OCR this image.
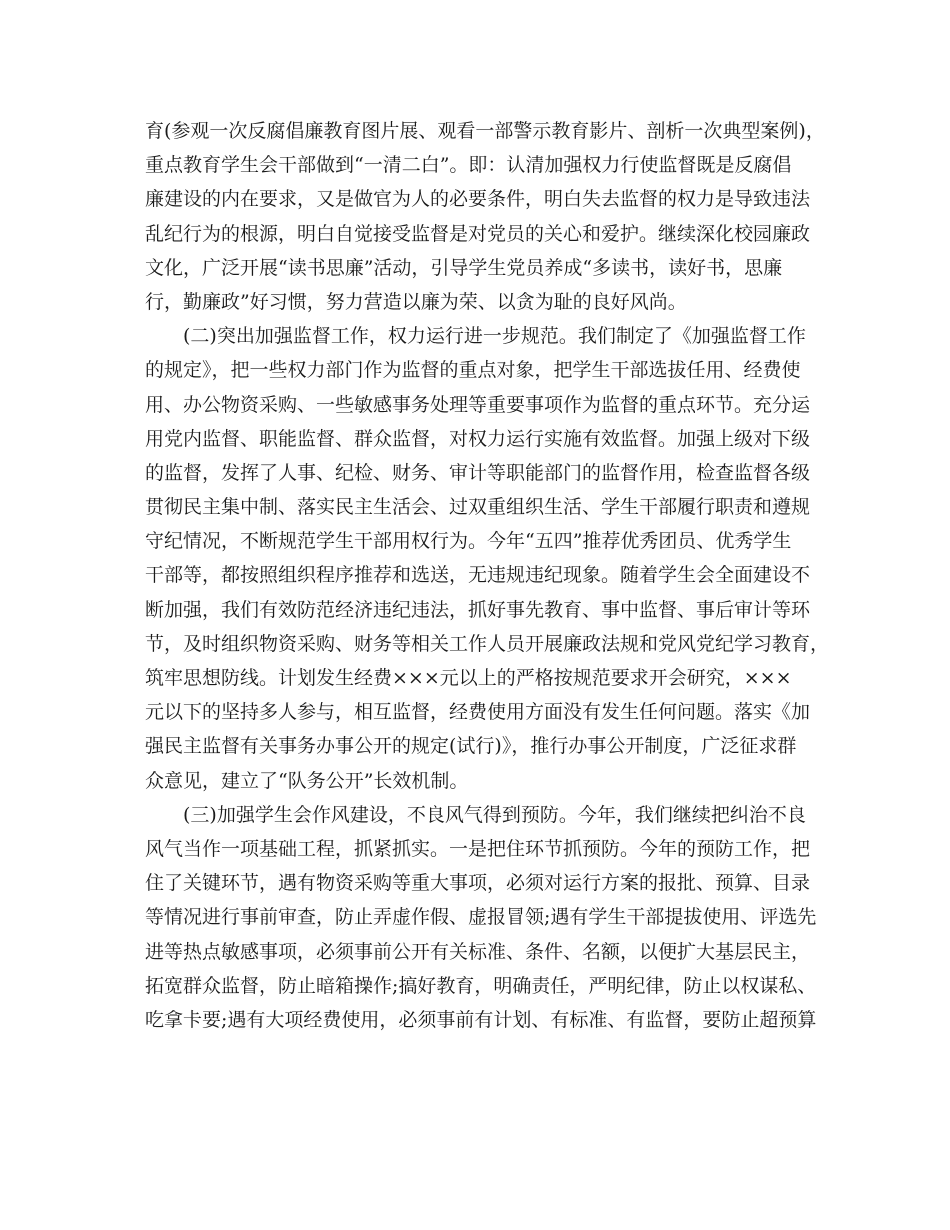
育(参观一次反腐倡廉教育图片展、观看一部警示教育影片、剖析一次典型案例)，
重点教育学生会干部做到“一清二白”。即：认清加强权力行使监督既是反腐倡
廉建设的内在要求，又是做官为人的必要条件，明白失去监督的权力是导致违法
乱纪行为的根源，明白自觉接受监督是对党员的关心和爱护。继续深化校园廉政
文化，广泛开展“读书思廉”活动，引导学生党员养成“多读书，读好书，思廉
行，勤廉政”好习惯，努力营造以廉为荣、以贪为耻的良好风尚。
(二)突出加强监督工作，权力运行进一步规范。我们制定了《加强监督工作
的规定》，把一些权力部门作为监督的重点对象，把学生干部选拔任用、经费使
用、办公物资采购、一些敏感事务处理等重要事项作为监督的重点环节。充分运
用党内监督、职能监督、群众监督，对权力运行实施有效监督。加强上级对下级
的监督，发挥了人事、纪检、财务、审计等职能部门的监督作用，检查监督各级
贯彻民主集中制、落实民主生活会、过双重组织生活、学生干部履行职责和遵规
守纪情况，不断规范学生干部用权行为。今年“五四”推荐优秀团员、优秀学生
干部等，都按照组织程序推荐和选送，无违规违纪现象。随着学生会全面建设不
断加强，我们有效防范经济违纪违法，抓好事先教育、事中监督、事后审计等环
节，及时组织物资采购、财务等相关工作人员开展廉政法规和党风党纪学习教育，
筑牢思想防线。计划发生经费×××元以上的严格按规范要求开会研究，×××
元以下的坚持多人参与，相互监督，经费使用方面没有发生任何问题。落实《加
强民主监督有关事务办事公开的规定(试行)》，推行办事公开制度，广泛征求群
众意见，建立了“队务公开”长效机制。
(三)加强学生会作风建设，不良风气得到预防。今年，我们继续把纠治不良
风气当作一项基础工程，抓紧抓实。一是把住环节抓预防。今年的预防工作，把
住了关键环节，遇有物资采购等重大事项，必须对运行方案的报批、预算、目录
等情况进行事前审查，防止弄虚作假、虚报冒领;遇有学生干部提拔使用、评选先
进等热点敏感事项，必须事前公开有关标准、条件、名额，以便扩大基层民主，
拓宽群众监督，防止暗箱操作;搞好教育，明确责任，严明纪律，防止以权谋私、
吃拿卡要;遇有大项经费使用，必须事前有计划、有标准、有监督，要防止超预算
